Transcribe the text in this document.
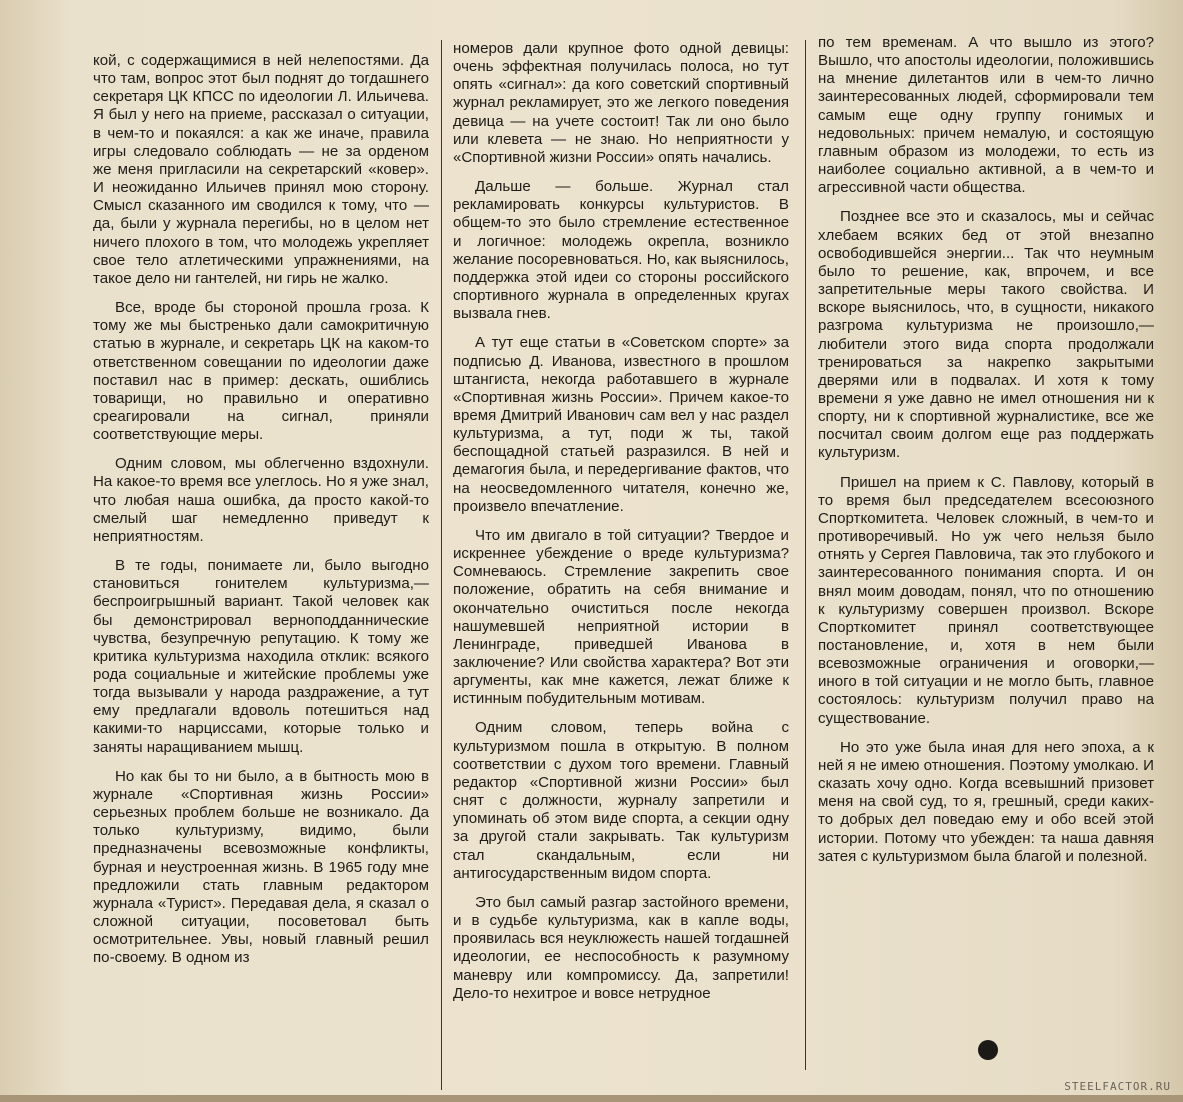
кой, с содержащимися в ней нелепостями. Да что там, вопрос этот был поднят до тогдашнего секретаря ЦК КПСС по идеологии Л. Ильичева. Я был у него на приеме, рассказал о ситуации, в чем-то и покаялся: а как же иначе, правила игры следовало соблюдать — не за орденом же меня пригласили на секретарский «ковер». И неожиданно Ильичев принял мою сторону. Смысл сказанного им сводился к тому, что — да, были у журнала перегибы, но в целом нет ничего плохого в том, что молодежь укрепляет свое тело атлетическими упражнениями, на такое дело ни гантелей, ни гирь не жалко.

Все, вроде бы стороной прошла гроза. К тому же мы быстренько дали самокритичную статью в журнале, и секретарь ЦК на каком-то ответственном совещании по идеологии даже поставил нас в пример: дескать, ошиблись товарищи, но правильно и оперативно среагировали на сигнал, приняли соответствующие меры.

Одним словом, мы облегченно вздохнули. На какое-то время все улеглось. Но я уже знал, что любая наша ошибка, да просто какой-то смелый шаг немедленно приведут к неприятностям.

В те годы, понимаете ли, было выгодно становиться гонителем культуризма,— беспроигрышный вариант. Такой человек как бы демонстрировал верноподданнические чувства, безупречную репутацию. К тому же критика культуризма находила отклик: всякого рода социальные и житейские проблемы уже тогда вызывали у народа раздражение, а тут ему предлагали вдоволь потешиться над какими-то нарциссами, которые только и заняты наращиванием мышц.

Но как бы то ни было, а в бытность мою в журнале «Спортивная жизнь России» серьезных проблем больше не возникало. Да только культуризму, видимо, были предназначены всевозможные конфликты, бурная и неустроенная жизнь. В 1965 году мне предложили стать главным редактором журнала «Турист». Передавая дела, я сказал о сложной ситуации, посоветовал быть осмотрительнее. Увы, новый главный решил по-своему. В одном из

номеров дали крупное фото одной девицы: очень эффектная получилась полоса, но тут опять «сигнал»: да кого советский спортивный журнал рекламирует, это же легкого поведения девица — на учете состоит! Так ли оно было или клевета — не знаю. Но неприятности у «Спортивной жизни России» опять начались.

Дальше — больше. Журнал стал рекламировать конкурсы культуристов. В общем-то это было стремление естественное и логичное: молодежь окрепла, возникло желание посоревноваться. Но, как выяснилось, поддержка этой идеи со стороны российского спортивного журнала в определенных кругах вызвала гнев.

А тут еще статьи в «Советском спорте» за подписью Д. Иванова, известного в прошлом штангиста, некогда работавшего в журнале «Спортивная жизнь России». Причем какое-то время Дмитрий Иванович сам вел у нас раздел культуризма, а тут, поди ж ты, такой беспощадной статьей разразился. В ней и демагогия была, и передергивание фактов, что на неосведомленного читателя, конечно же, произвело впечатление.

Что им двигало в той ситуации? Твердое и искреннее убеждение о вреде культуризма? Сомневаюсь. Стремление закрепить свое положение, обратить на себя внимание и окончательно очиститься после некогда нашумевшей неприятной истории в Ленинграде, приведшей Иванова в заключение? Или свойства характера? Вот эти аргументы, как мне кажется, лежат ближе к истинным побудительным мотивам.

Одним словом, теперь война с культуризмом пошла в открытую. В полном соответствии с духом того времени. Главный редактор «Спортивной жизни России» был снят с должности, журналу запретили и упоминать об этом виде спорта, а секции одну за другой стали закрывать. Так культуризм стал скандальным, если ни антигосударственным видом спорта.

Это был самый разгар застойного времени, и в судьбе культуризма, как в капле воды, проявилась вся неуклюжесть нашей тогдашней идеологии, ее неспособность к разумному маневру или компромиссу. Да, запретили! Дело-то нехитрое и вовсе нетрудное

по тем временам. А что вышло из этого? Вышло, что апостолы идеологии, положившись на мнение дилетантов или в чем-то лично заинтересованных людей, сформировали тем самым еще одну группу гонимых и недовольных: причем немалую, и состоящую главным образом из молодежи, то есть из наиболее социально активной, а в чем-то и агрессивной части общества.

Позднее все это и сказалось, мы и сейчас хлебаем всяких бед от этой внезапно освободившейся энергии... Так что неумным было то решение, как, впрочем, и все запретительные меры такого свойства. И вскоре выяснилось, что, в сущности, никакого разгрома культуризма не произошло,— любители этого вида спорта продолжали тренироваться за накрепко закрытыми дверями или в подвалах. И хотя к тому времени я уже давно не имел отношения ни к спорту, ни к спортивной журналистике, все же посчитал своим долгом еще раз поддержать культуризм.

Пришел на прием к С. Павлову, который в то время был председателем всесоюзного Спорткомитета. Человек сложный, в чем-то и противоречивый. Но уж чего нельзя было отнять у Сергея Павловича, так это глубокого и заинтересованного понимания спорта. И он внял моим доводам, понял, что по отношению к культуризму совершен произвол. Вскоре Спорткомитет принял соответствующее постановление, и, хотя в нем были всевозможные ограничения и оговорки,— иного в той ситуации и не могло быть, главное состоялось: культуризм получил право на существование.

Но это уже была иная для него эпоха, а к ней я не имею отношения. Поэтому умолкаю. И сказать хочу одно. Когда всевышний призовет меня на свой суд, то я, грешный, среди каких-то добрых дел поведаю ему и обо всей этой истории. Потому что убежден: та наша давняя затея с культуризмом была благой и полезной.

STEELFACTOR.RU
